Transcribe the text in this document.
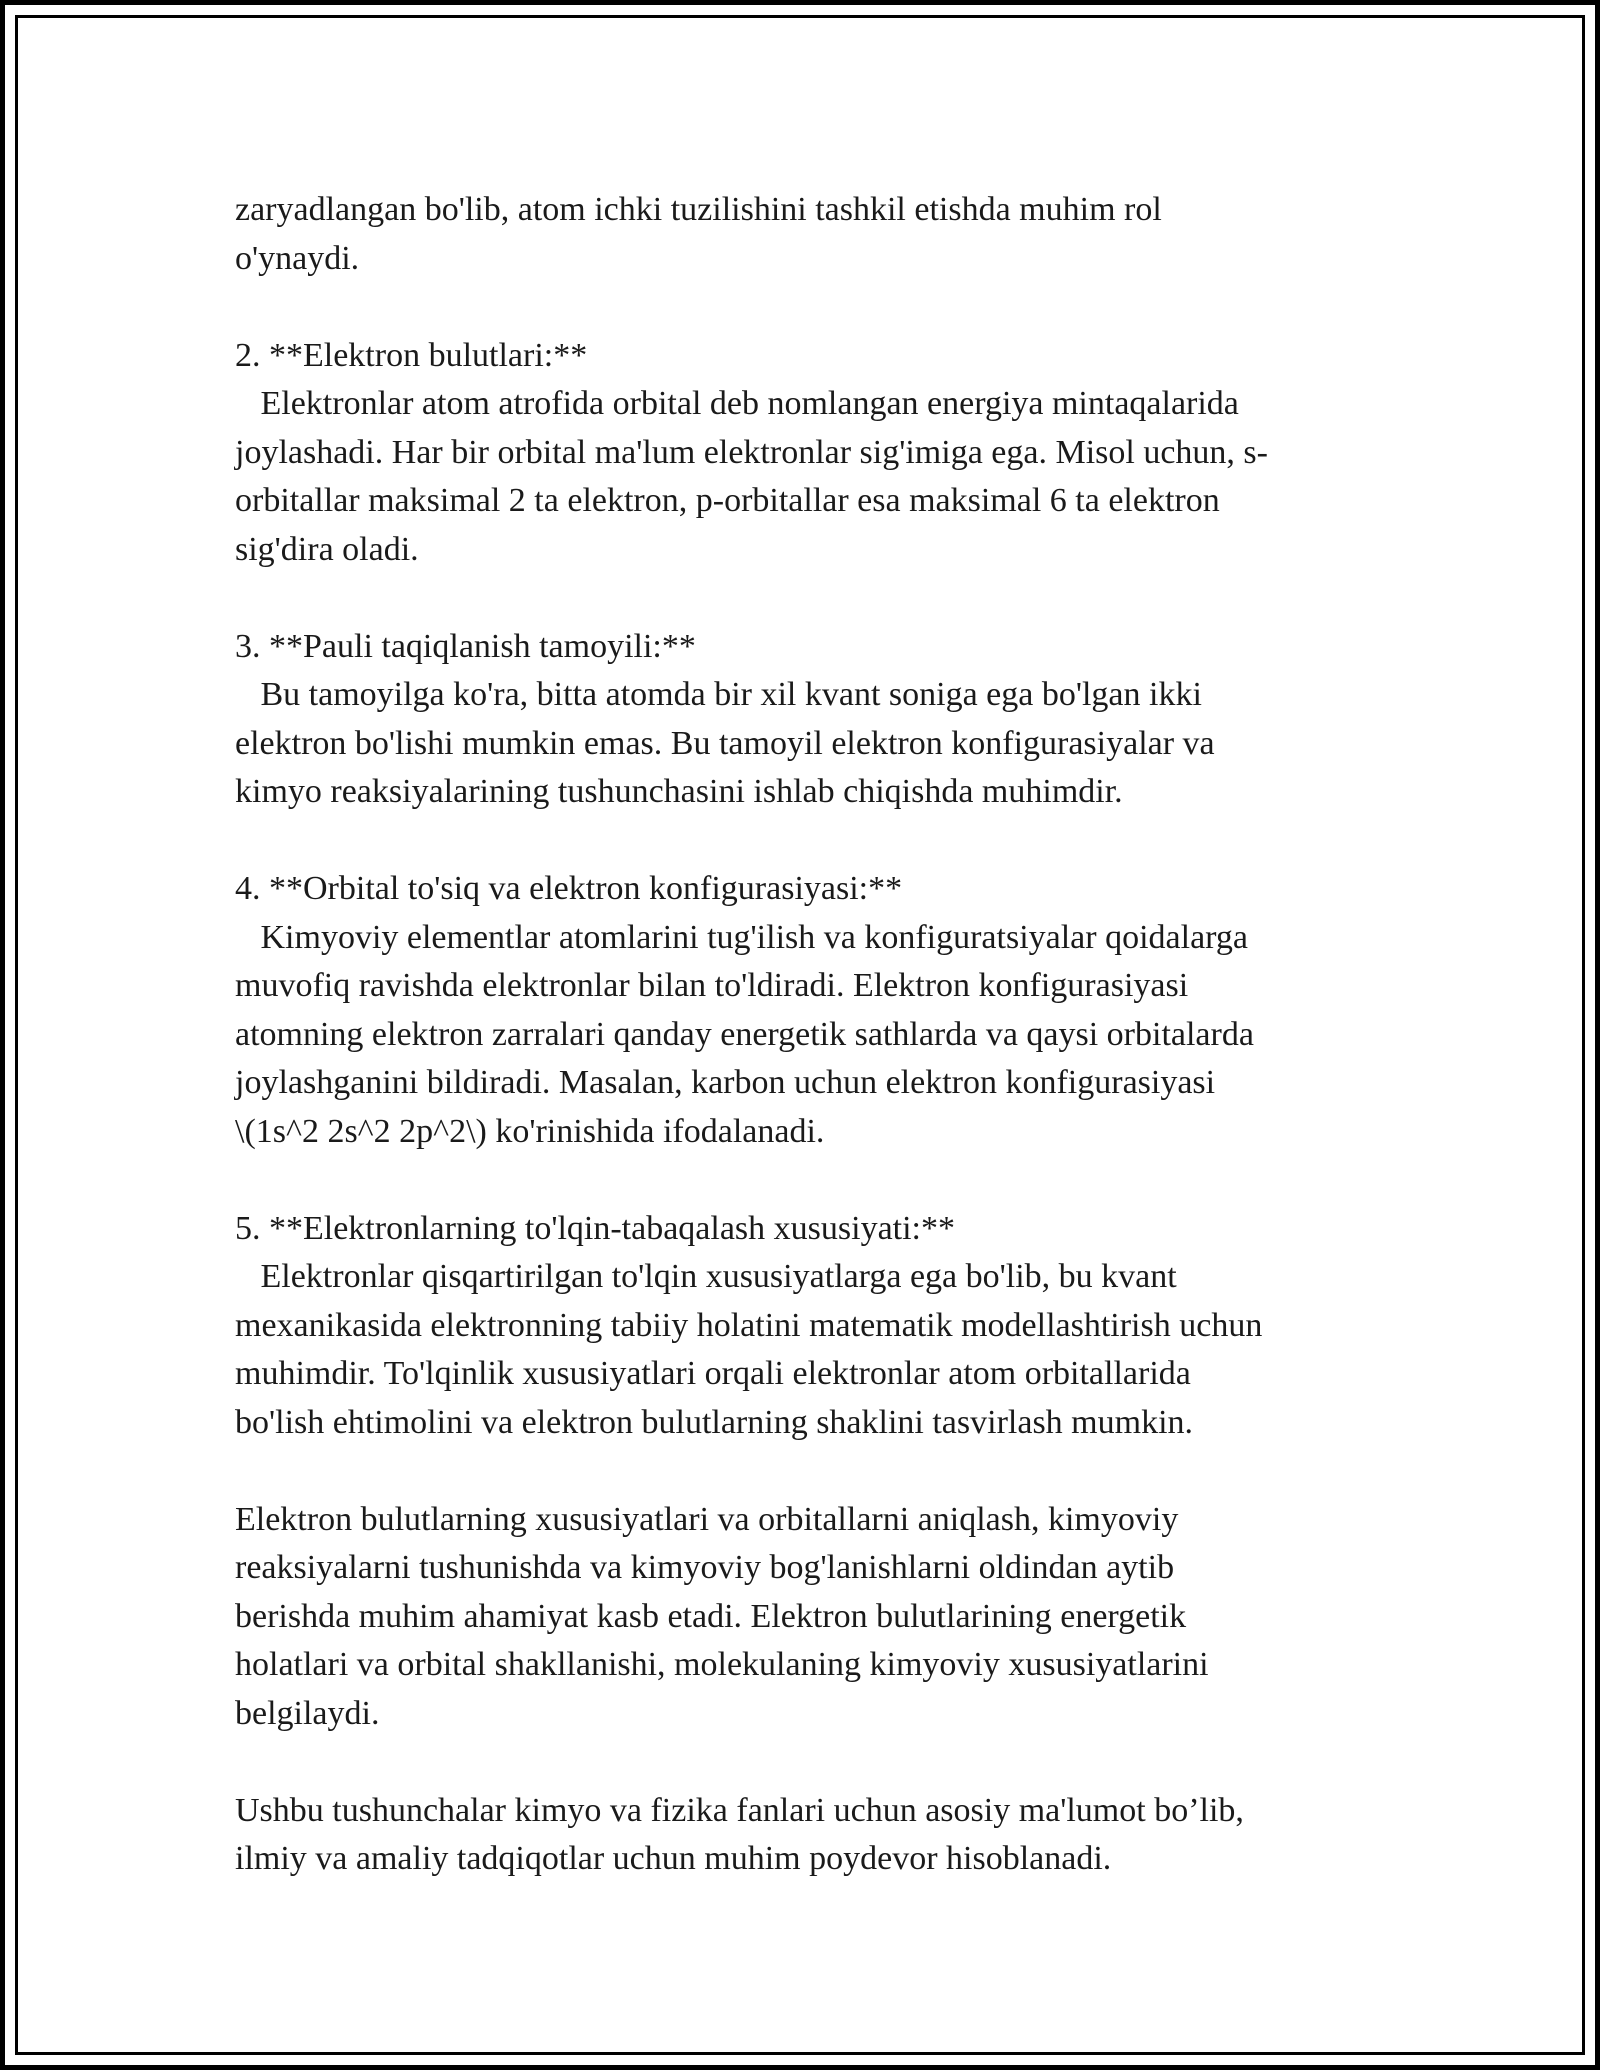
zaryadlangan bo'lib, atom ichki tuzilishini tashkil etishda muhim rol
o'ynaydi.
2. **Elektron bulutlari:**
Elektronlar atom atrofida orbital deb nomlangan energiya mintaqalarida
joylashadi. Har bir orbital ma'lum elektronlar sig'imiga ega. Misol uchun, s-
orbitallar maksimal 2 ta elektron, p-orbitallar esa maksimal 6 ta elektron
sig'dira oladi.
3. **Pauli taqiqlanish tamoyili:**
Bu tamoyilga ko'ra, bitta atomda bir xil kvant soniga ega bo'lgan ikki
elektron bo'lishi mumkin emas. Bu tamoyil elektron konfigurasiyalar va
kimyo reaksiyalarining tushunchasini ishlab chiqishda muhimdir.
4. **Orbital to'siq va elektron konfigurasiyasi:**
Kimyoviy elementlar atomlarini tug'ilish va konfiguratsiyalar qoidalarga
muvofiq ravishda elektronlar bilan to'ldiradi. Elektron konfigurasiyasi
atomning elektron zarralari qanday energetik sathlarda va qaysi orbitalarda
joylashganini bildiradi. Masalan, karbon uchun elektron konfigurasiyasi
\(1s^2 2s^2 2p^2\) ko'rinishida ifodalanadi.
5. **Elektronlarning to'lqin-tabaqalash xususiyati:**
Elektronlar qisqartirilgan to'lqin xususiyatlarga ega bo'lib, bu kvant
mexanikasida elektronning tabiiy holatini matematik modellashtirish uchun
muhimdir. To'lqinlik xususiyatlari orqali elektronlar atom orbitallarida
bo'lish ehtimolini va elektron bulutlarning shaklini tasvirlash mumkin.
Elektron bulutlarning xususiyatlari va orbitallarni aniqlash, kimyoviy
reaksiyalarni tushunishda va kimyoviy bog'lanishlarni oldindan aytib
berishda muhim ahamiyat kasb etadi. Elektron bulutlarining energetik
holatlari va orbital shakllanishi, molekulaning kimyoviy xususiyatlarini
belgilaydi.
Ushbu tushunchalar kimyo va fizika fanlari uchun asosiy ma'lumot bo’lib,
ilmiy va amaliy tadqiqotlar uchun muhim poydevor hisoblanadi.
